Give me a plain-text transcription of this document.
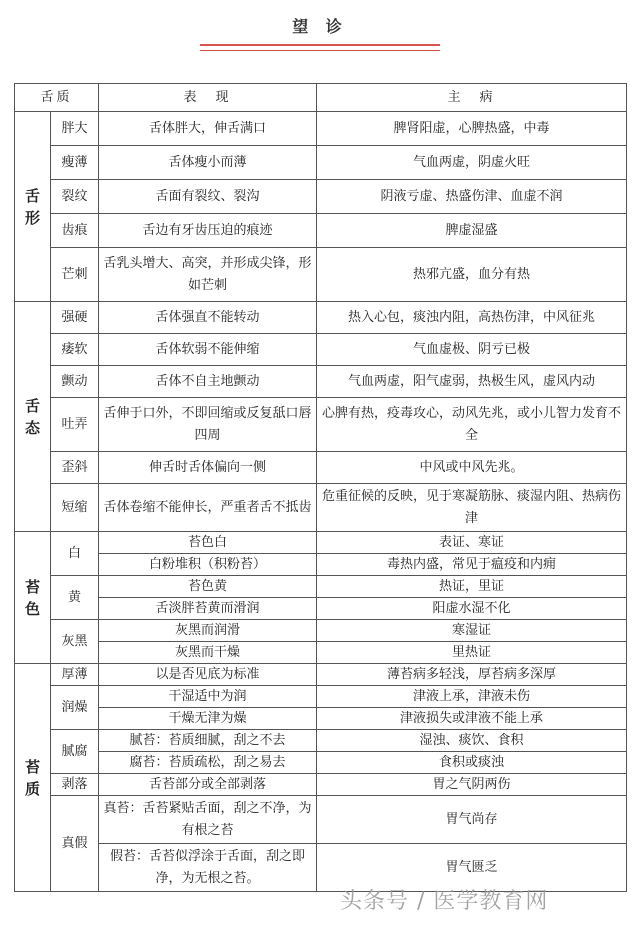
望 诊
舌质		表　现	主　病
舌形	胖大	舌体胖大，伸舌满口	脾肾阳虚，心脾热盛，中毒
	瘦薄	舌体瘦小而薄	气血两虚，阴虚火旺
	裂纹	舌面有裂纹、裂沟	阴液亏虚、热盛伤津、血虚不润
	齿痕	舌边有牙齿压迫的痕迹	脾虚湿盛
	芒刺	舌乳头增大、高突，并形成尖锋，形如芒刺	热邪亢盛，血分有热
舌态	强硬	舌体强直不能转动	热入心包，痰浊内阻，高热伤津，中风征兆
	痿软	舌体软弱不能伸缩	气血虚极、阴亏已极
	颤动	舌体不自主地颤动	气血两虚，阳气虚弱，热极生风，虚风内动
	吐弄	舌伸于口外，不即回缩或反复舐口唇四周	心脾有热，疫毒攻心，动风先兆，或小儿智力发育不全
	歪斜	伸舌时舌体偏向一侧	中风或中风先兆。
	短缩	舌体卷缩不能伸长，严重者舌不抵齿	危重征候的反映，见于寒凝筋脉、痰湿内阻、热病伤津
苔色	白	苔色白	表证、寒证
		白粉堆积（积粉苔）	毒热内盛，常见于瘟疫和内痈
	黄	苔色黄	热证，里证
		舌淡胖苔黄而滑润	阳虚水湿不化
	灰黑	灰黑而润滑	寒湿证
		灰黑而干燥	里热证
苔质	厚薄	以是否见底为标准	薄苔病多轻浅，厚苔病多深厚
	润燥	干湿适中为润	津液上承，津液未伤
		干燥无津为燥	津液损失或津液不能上承
	腻腐	腻苔：苔质细腻，刮之不去	湿浊、痰饮、食积
		腐苔：苔质疏松，刮之易去	食积或痰浊
	剥落	舌苔部分或全部剥落	胃之气阴两伤
	真假	真苔：舌苔紧贴舌面，刮之不净，为有根之苔	胃气尚存
		假苔：舌苔似浮涂于舌面，刮之即净，为无根之苔。	胃气匮乏
头条号 / 医学教育网
